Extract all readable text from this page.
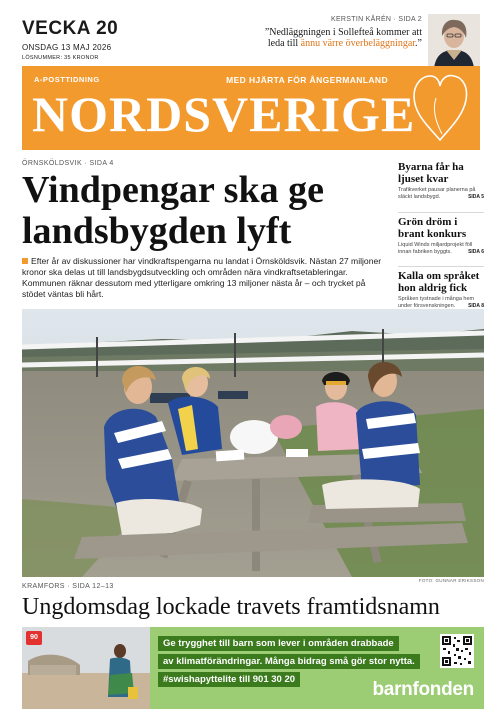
VECKA 20
ONSDAG 13 MAJ 2026
LÖSNUMMER: 35 KRONOR
KERSTIN KÅRÉN · SIDA 2
”Nedläggningen i Sollefteå kommer att leda till ännu värre överbeläggningar.”
A-POSTTIDNING	MED HJÄRTA FÖR ÅNGERMANLAND
NORDSVERIGE
ÖRNSKÖLDSVIK · SIDA 4
Vindpengar ska ge landsbygden lyft
Efter år av diskussioner har vindkraftspengarna nu landat i Örnsköldsvik. Nästan 27 miljoner kronor ska delas ut till landsbygdsutveckling och områden nära vindkraftsetableringar. Kommunen räknar dessutom med ytterligare omkring 13 miljoner nästa år – och trycket på stödet väntas bli hårt.
Byarna får ha ljuset kvar
Trafikverket pausar planerna på släckt landsbygd.	SIDA 5
Grön dröm i brant konkurs
Liquid Winds miljardprojekt föll innan fabriken byggts.	SIDA 6
Kalla om språket hon aldrig fick
Språken tystnade i många hem under försvenskningen.	SIDA 8
FOTO: GUNNAR ERIKSSON
KRAMFORS · SIDA 12–13
Ungdomsdag lockade travets framtidsnamn
90
Ge trygghet till barn som lever i områden drabbade
av klimatförändringar. Många bidrag små gör stor nytta.
#swishapyttelite till 901 30 20	barnfonden
